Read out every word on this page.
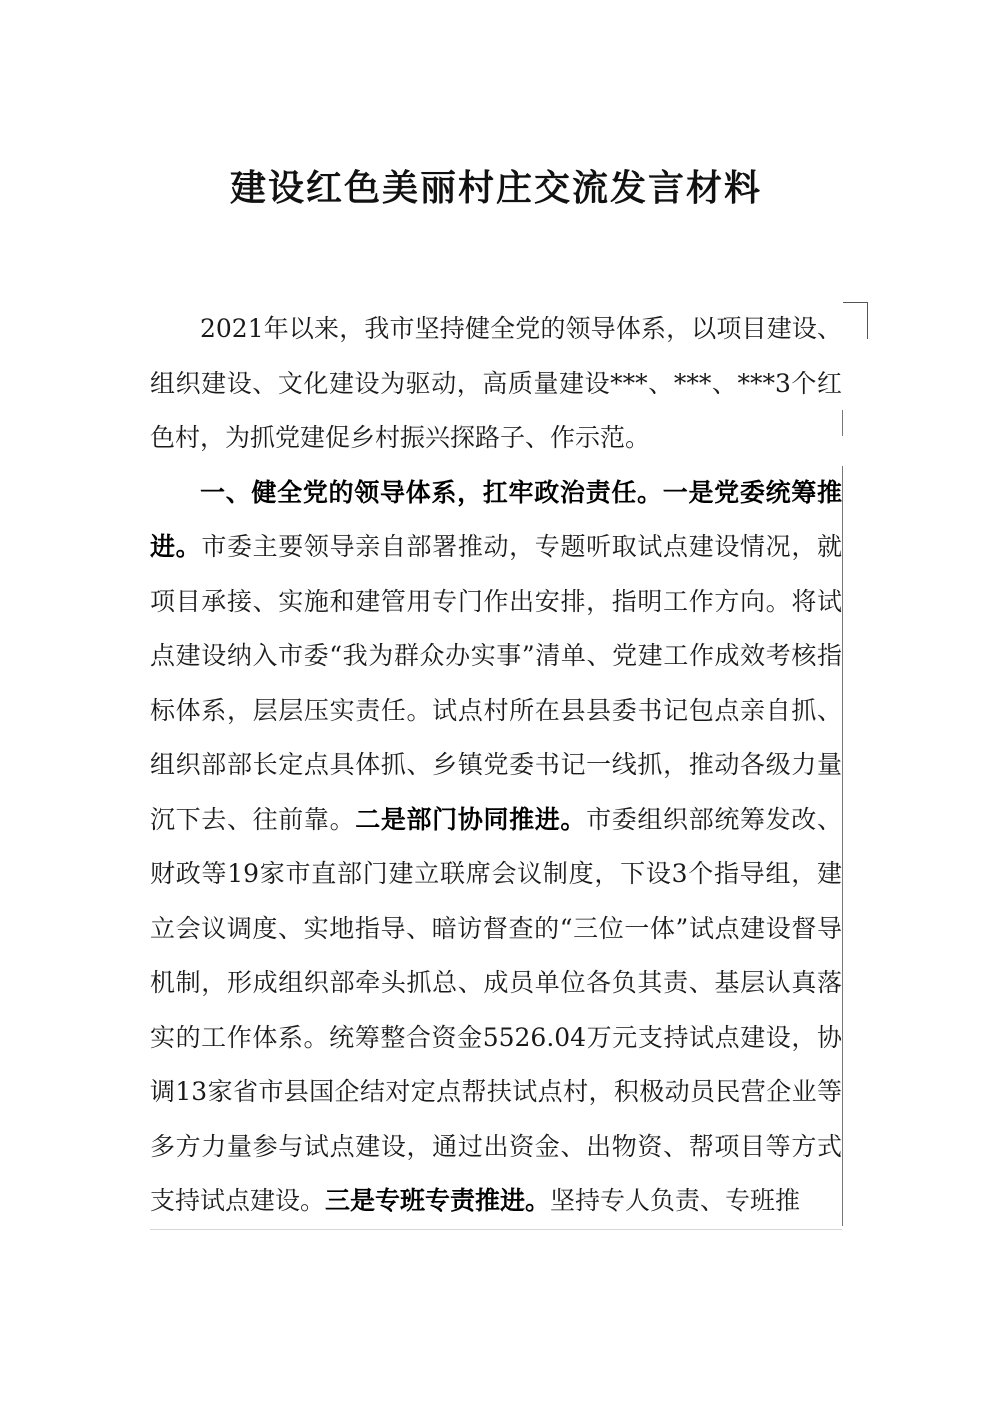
建设红色美丽村庄交流发言材料

2021年以来，我市坚持健全党的领导体系，以项目建设、组织建设、文化建设为驱动，高质量建设***、***、***3个红色村，为抓党建促乡村振兴探路子、作示范。

一、健全党的领导体系，扛牢政治责任。一是党委统筹推进。市委主要领导亲自部署推动，专题听取试点建设情况，就项目承接、实施和建管用专门作出安排，指明工作方向。将试点建设纳入市委“我为群众办实事”清单、党建工作成效考核指标体系，层层压实责任。试点村所在县县委书记包点亲自抓、组织部部长定点具体抓、乡镇党委书记一线抓，推动各级力量沉下去、往前靠。二是部门协同推进。市委组织部统筹发改、财政等19家市直部门建立联席会议制度，下设3个指导组，建立会议调度、实地指导、暗访督查的“三位一体”试点建设督导机制，形成组织部牵头抓总、成员单位各负其责、基层认真落实的工作体系。统筹整合资金5526.04万元支持试点建设，协调13家省市县国企结对定点帮扶试点村，积极动员民营企业等多方力量参与试点建设，通过出资金、出物资、帮项目等方式支持试点建设。三是专班专责推进。坚持专人负责、专班推
